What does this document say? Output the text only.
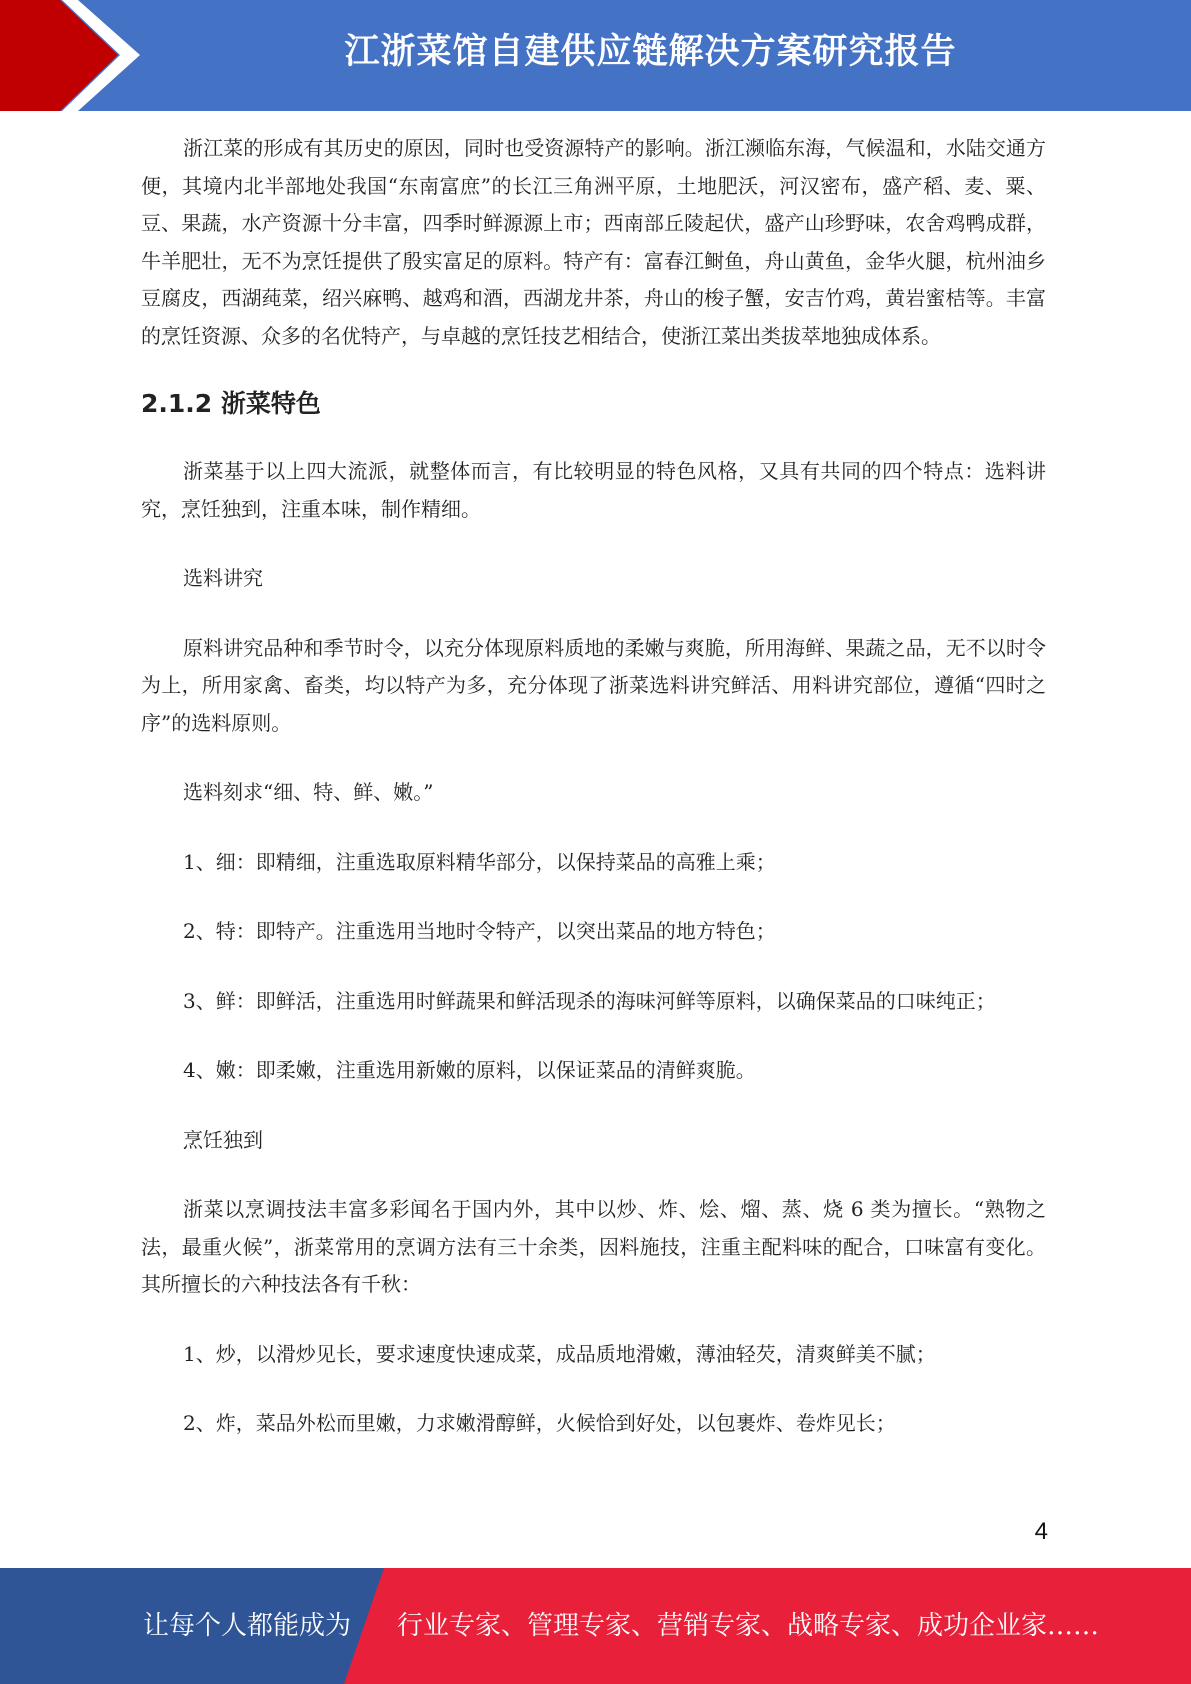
江浙菜馆自建供应链解决方案研究报告

浙江菜的形成有其历史的原因，同时也受资源特产的影响。浙江濒临东海，气候温和，水陆交通方便，其境内北半部地处我国“东南富庶”的长江三角洲平原，土地肥沃，河汉密布，盛产稻、麦、粟、豆、果蔬，水产资源十分丰富，四季时鲜源源上市；西南部丘陵起伏，盛产山珍野味，农舍鸡鸭成群，牛羊肥壮，无不为烹饪提供了殷实富足的原料。特产有：富春江鲥鱼，舟山黄鱼，金华火腿，杭州油乡豆腐皮，西湖莼菜，绍兴麻鸭、越鸡和酒，西湖龙井茶，舟山的梭子蟹，安吉竹鸡，黄岩蜜桔等。丰富的烹饪资源、众多的名优特产，与卓越的烹饪技艺相结合，使浙江菜出类拔萃地独成体系。

2.1.2 浙菜特色

浙菜基于以上四大流派，就整体而言，有比较明显的特色风格，又具有共同的四个特点：选料讲究，烹饪独到，注重本味，制作精细。

选料讲究

原料讲究品种和季节时令，以充分体现原料质地的柔嫩与爽脆，所用海鲜、果蔬之品，无不以时令为上，所用家禽、畜类，均以特产为多，充分体现了浙菜选料讲究鲜活、用料讲究部位，遵循“四时之序”的选料原则。

选料刻求“细、特、鲜、嫩。”

1、细：即精细，注重选取原料精华部分，以保持菜品的高雅上乘；

2、特：即特产。注重选用当地时令特产，以突出菜品的地方特色；

3、鲜：即鲜活，注重选用时鲜蔬果和鲜活现杀的海味河鲜等原料，以确保菜品的口味纯正；

4、嫩：即柔嫩，注重选用新嫩的原料，以保证菜品的清鲜爽脆。

烹饪独到

浙菜以烹调技法丰富多彩闻名于国内外，其中以炒、炸、烩、熘、蒸、烧 6 类为擅长。“熟物之法，最重火候”，浙菜常用的烹调方法有三十余类，因料施技，注重主配料味的配合，口味富有变化。其所擅长的六种技法各有千秋：

1、炒，以滑炒见长，要求速度快速成菜，成品质地滑嫩，薄油轻芡，清爽鲜美不腻；

2、炸，菜品外松而里嫩，力求嫩滑醇鲜，火候恰到好处，以包裹炸、卷炸见长；

4
让每个人都能成为 行业专家、管理专家、营销专家、战略专家、成功企业家……
